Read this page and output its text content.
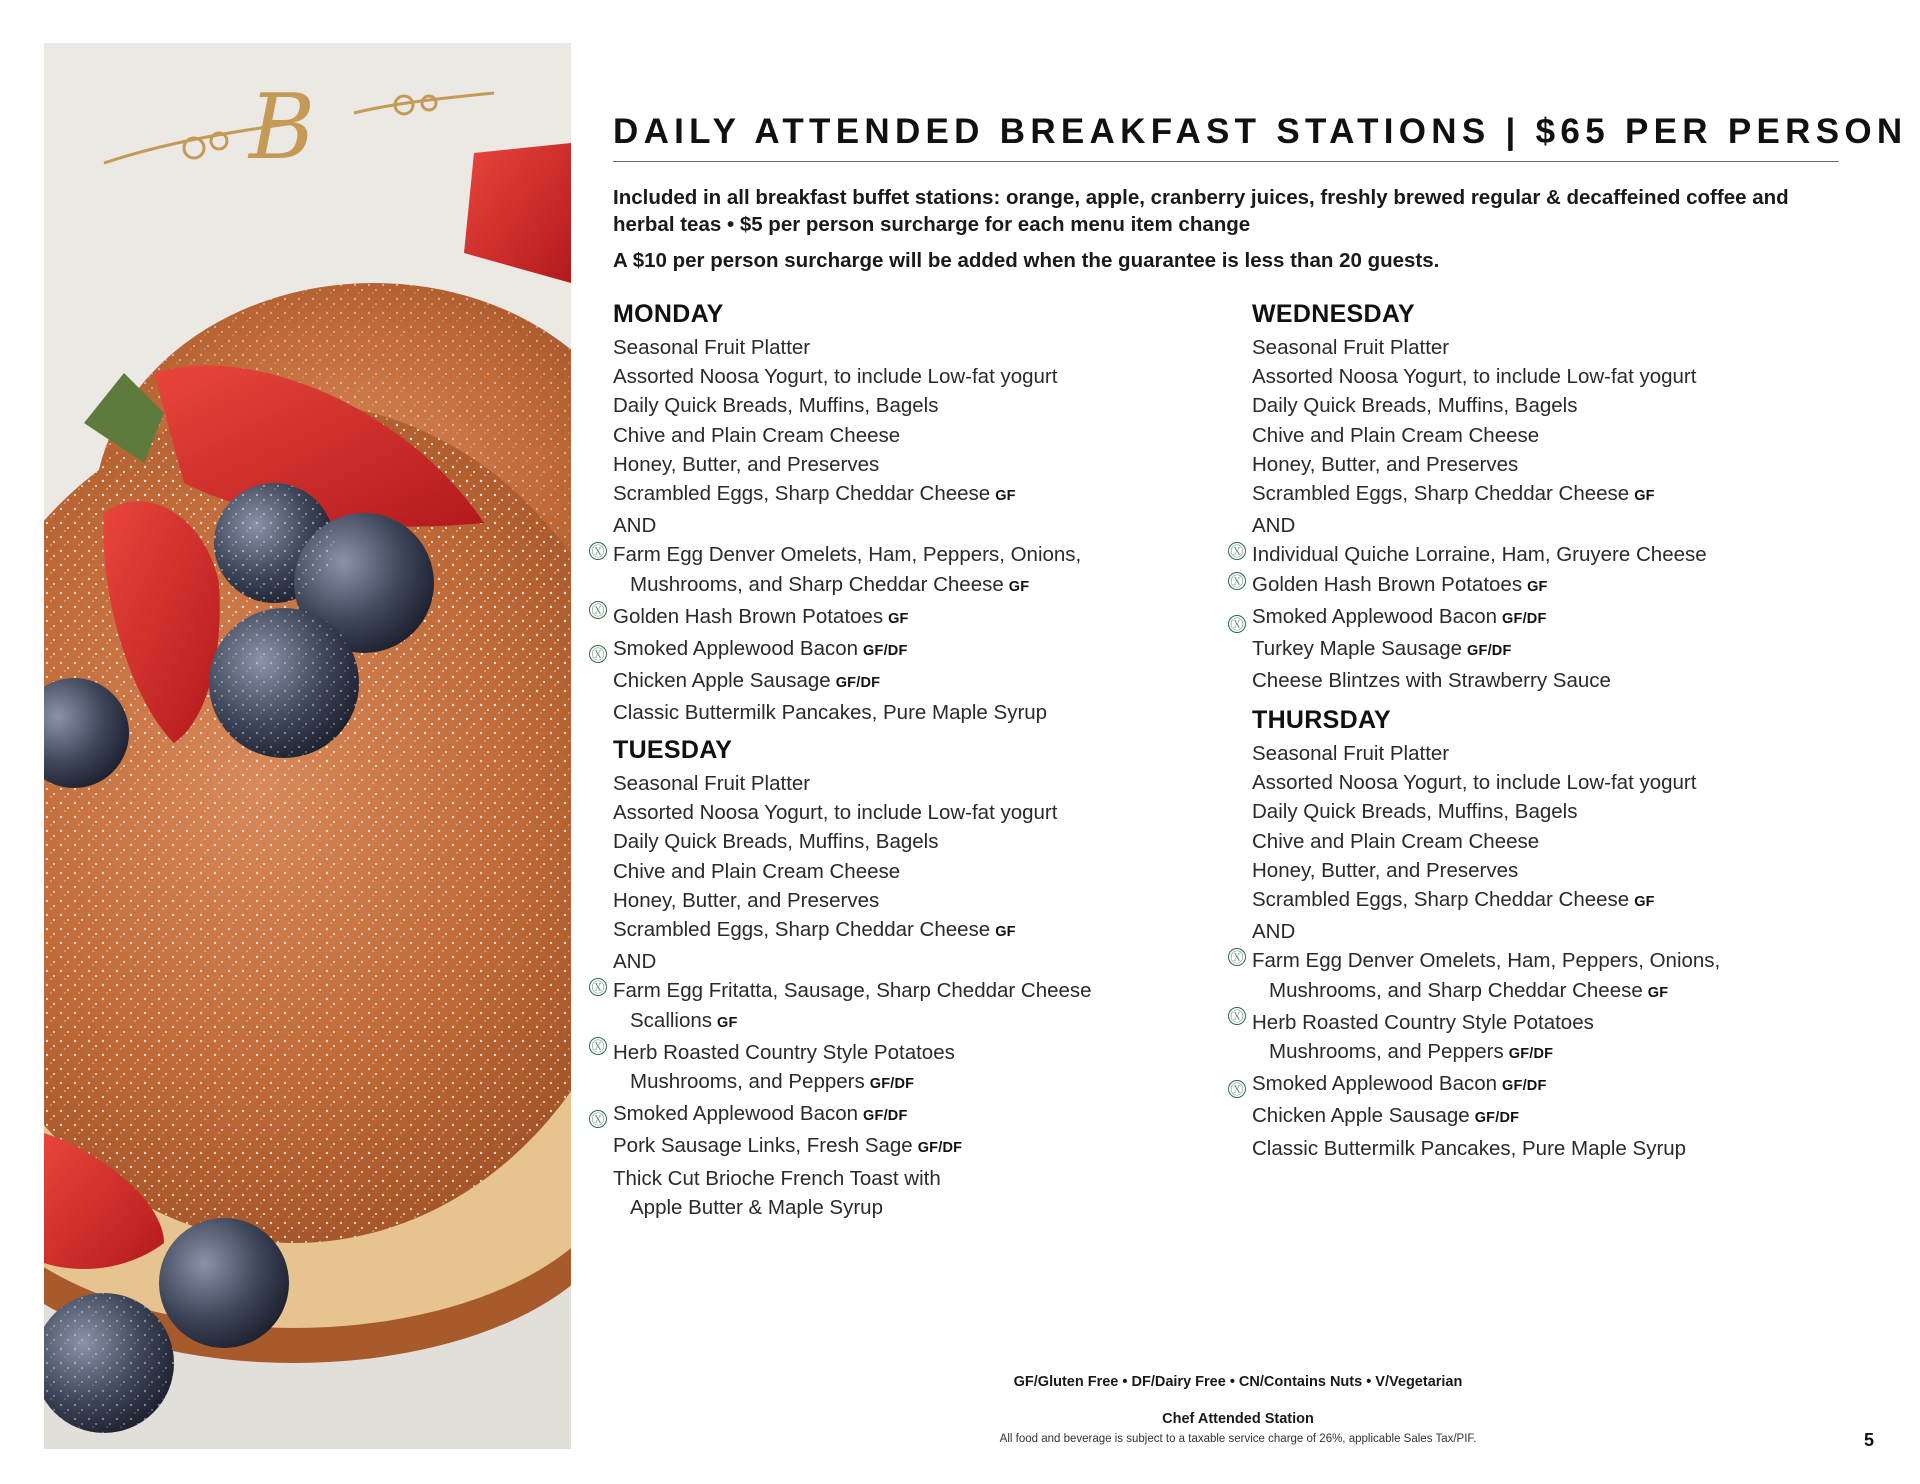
B	DAILY ATTENDED BREAKFAST STATIONS | $65 PER PERSON

Included in all breakfast buffet stations: orange, apple, cranberry juices, freshly brewed regular & decaffeined coffee and herbal teas • $5 per person surcharge for each menu item change

A $10 per person surcharge will be added when the guarantee is less than 20 guests.

MONDAY
Seasonal Fruit Platter
Assorted Noosa Yogurt, to include Low-fat yogurt
Daily Quick Breads, Muffins, Bagels
Chive and Plain Cream Cheese
Honey, Butter, and Preserves
Scrambled Eggs, Sharp Cheddar Cheese GF
AND
Farm Egg Denver Omelets, Ham, Peppers, Onions,
Mushrooms, and Sharp Cheddar Cheese GF
Golden Hash Brown Potatoes GF
Smoked Applewood Bacon GF/DF
Chicken Apple Sausage GF/DF
Classic Buttermilk Pancakes, Pure Maple Syrup
Ⓧ
Ⓧ
Ⓧ
TUESDAY
Seasonal Fruit Platter
Assorted Noosa Yogurt, to include Low-fat yogurt
Daily Quick Breads, Muffins, Bagels
Chive and Plain Cream Cheese
Honey, Butter, and Preserves
Scrambled Eggs, Sharp Cheddar Cheese GF
AND
Farm Egg Fritatta, Sausage, Sharp Cheddar Cheese
Scallions GF
Herb Roasted Country Style Potatoes
Mushrooms, and Peppers GF/DF
Smoked Applewood Bacon GF/DF
Pork Sausage Links, Fresh Sage GF/DF
Thick Cut Brioche French Toast with
Apple Butter & Maple Syrup
Ⓧ
Ⓧ
Ⓧ
WEDNESDAY
Seasonal Fruit Platter
Assorted Noosa Yogurt, to include Low-fat yogurt
Daily Quick Breads, Muffins, Bagels
Chive and Plain Cream Cheese
Honey, Butter, and Preserves
Scrambled Eggs, Sharp Cheddar Cheese GF
AND
Individual Quiche Lorraine, Ham, Gruyere Cheese
Golden Hash Brown Potatoes GF
Smoked Applewood Bacon GF/DF
Turkey Maple Sausage GF/DF
Cheese Blintzes with Strawberry Sauce
Ⓧ
Ⓧ
Ⓧ
THURSDAY
Seasonal Fruit Platter
Assorted Noosa Yogurt, to include Low-fat yogurt
Daily Quick Breads, Muffins, Bagels
Chive and Plain Cream Cheese
Honey, Butter, and Preserves
Scrambled Eggs, Sharp Cheddar Cheese GF
AND
Farm Egg Denver Omelets, Ham, Peppers, Onions,
Mushrooms, and Sharp Cheddar Cheese GF
Herb Roasted Country Style Potatoes
Mushrooms, and Peppers GF/DF
Smoked Applewood Bacon GF/DF
Chicken Apple Sausage GF/DF
Classic Buttermilk Pancakes, Pure Maple Syrup
Ⓧ
Ⓧ
Ⓧ
GF/Gluten Free • DF/Dairy Free • CN/Contains Nuts • V/Vegetarian
Chef Attended Station
All food and beverage is subject to a taxable service charge of 26%, applicable Sales Tax/PIF.	5
